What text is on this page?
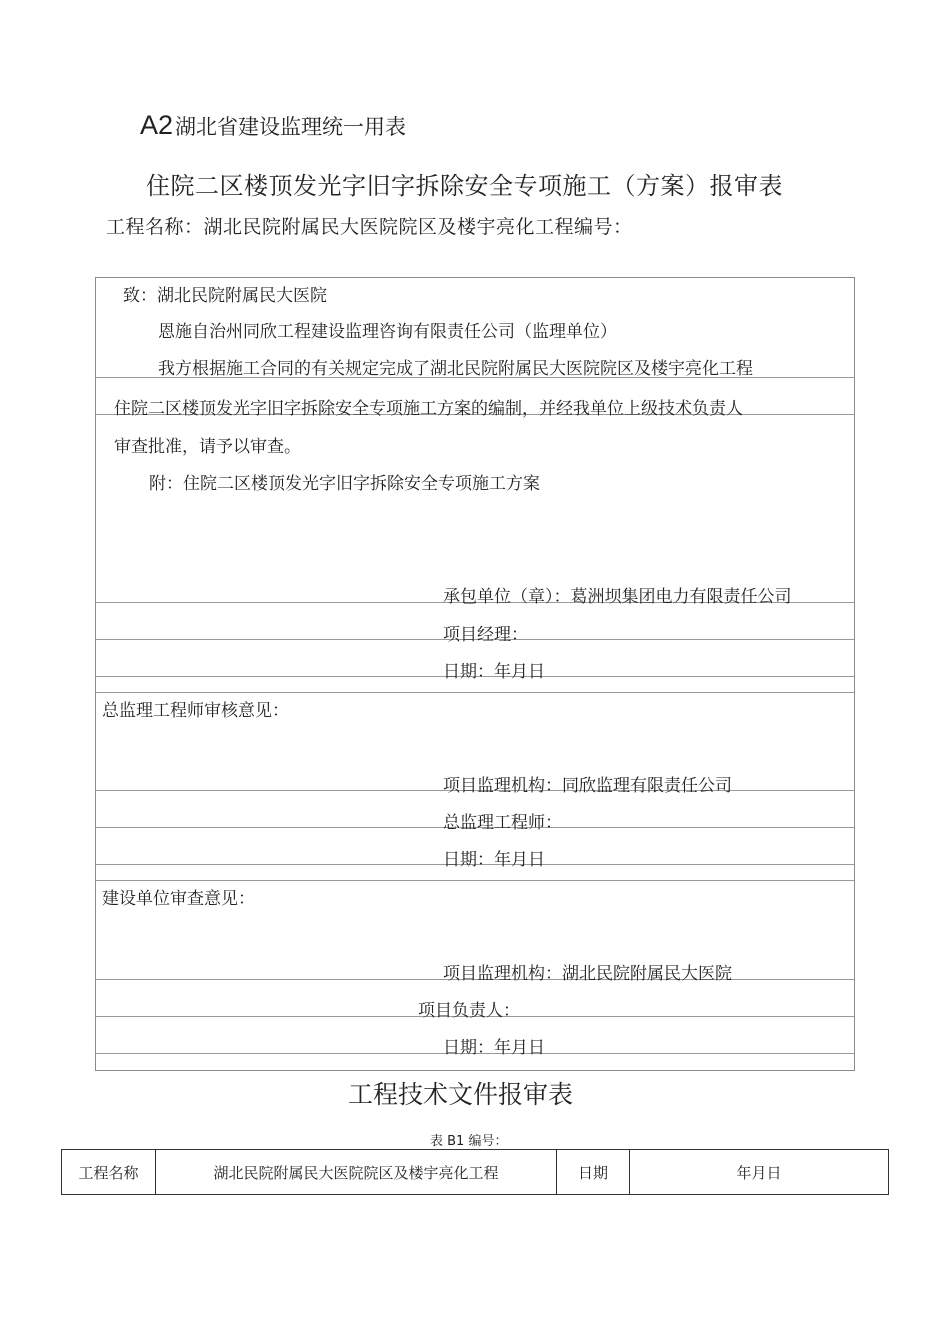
A2湖北省建设监理统一用表
住院二区楼顶发光字旧字拆除安全专项施工（方案）报审表
工程名称：湖北民院附属民大医院院区及楼宇亮化工程编号：
致：湖北民院附属民大医院
恩施自治州同欣工程建设监理咨询有限责任公司（监理单位）
我方根据施工合同的有关规定完成了湖北民院附属民大医院院区及楼宇亮化工程
住院二区楼顶发光字旧字拆除安全专项施工方案的编制，并经我单位上级技术负责人
审查批准，请予以审查。
附：住院二区楼顶发光字旧字拆除安全专项施工方案
承包单位（章）：葛洲坝集团电力有限责任公司
项目经理：
日期：年月日
总监理工程师审核意见：
项目监理机构：同欣监理有限责任公司
总监理工程师：
日期：年月日
建设单位审查意见：
项目监理机构：湖北民院附属民大医院
项目负责人：
日期：年月日
工程技术文件报审表
表 B1 编号：
工程名称	湖北民院附属民大医院院区及楼宇亮化工程	日期	年月日
